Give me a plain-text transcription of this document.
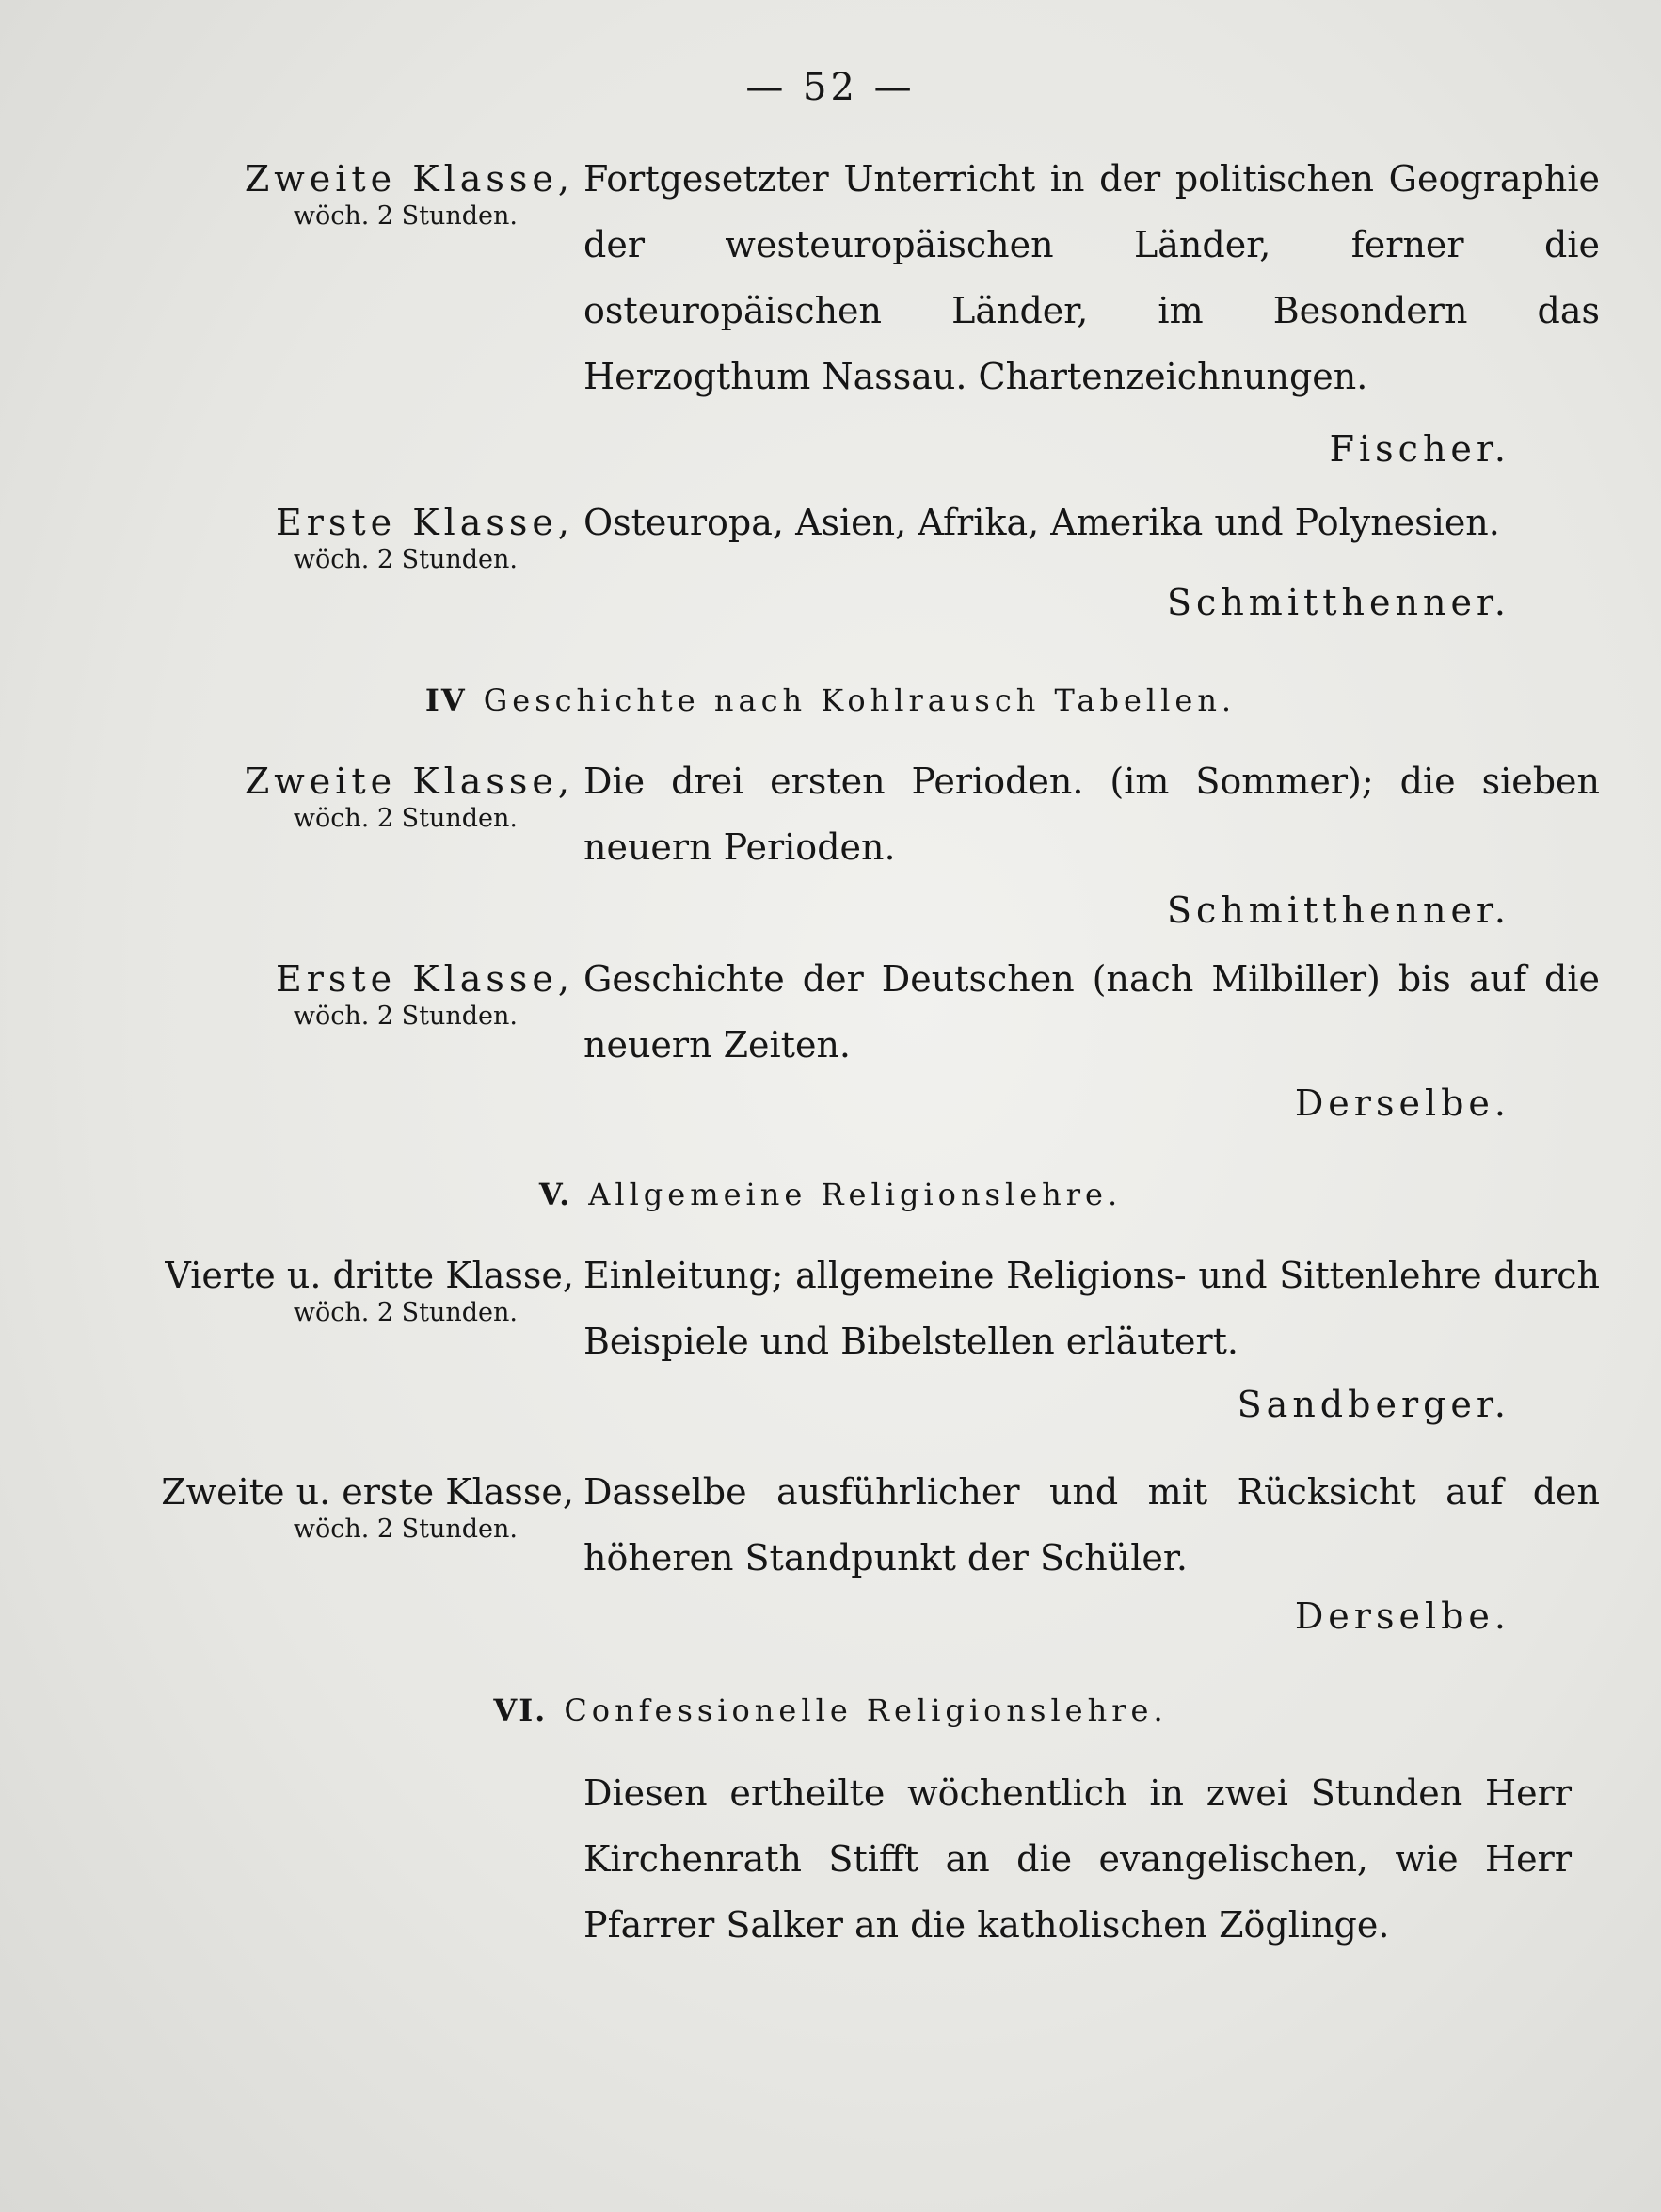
— 52 —
Zweite Klasse,
wöch. 2 Stunden.
Fortgesetzter Unterricht in der politischen Geographie der westeuropäischen Länder, ferner die osteuropäischen Länder, im Besondern das Herzogthum Nassau. Chartenzeichnungen.
Fischer.
Erste Klasse,
wöch. 2 Stunden.
Osteuropa, Asien, Afrika, Amerika und Polynesien.
Schmitthenner.
IV Geschichte nach Kohlrausch Tabellen.
Zweite Klasse,
wöch. 2 Stunden.
Die drei ersten Perioden. (im Sommer); die sieben neuern Perioden.
Schmitthenner.
Erste Klasse,
wöch. 2 Stunden.
Geschichte der Deutschen (nach Milbiller) bis auf die neuern Zeiten.
Derselbe.
V. Allgemeine Religionslehre.
Vierte u. dritte Klasse,
wöch. 2 Stunden.
Einleitung; allgemeine Religions- und Sittenlehre durch Beispiele und Bibelstellen erläutert.
Sandberger.
Zweite u. erste Klasse,
wöch. 2 Stunden.
Dasselbe ausführlicher und mit Rücksicht auf den höheren Standpunkt der Schüler.
Derselbe.
VI. Confessionelle Religionslehre.
Diesen ertheilte wöchentlich in zwei Stunden Herr Kirchenrath Stifft an die evangelischen, wie Herr Pfarrer Salker an die katholischen Zöglinge.
